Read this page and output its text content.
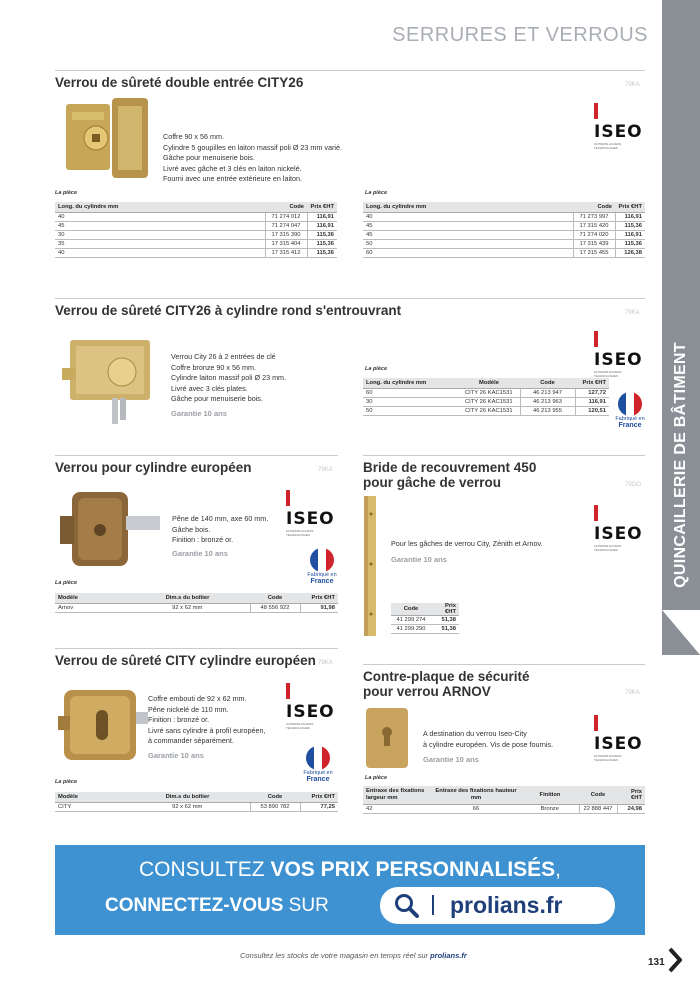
SERRURES ET VERROUS
QUINCAILLERIE DE BÂTIMENT
Verrou de sûreté double entrée CITY26	79KA
Coffre 90 x 56 mm.
Cylindre 5 goupilles en laiton massif poli Ø 23 mm varié.
Gâche pour menuiserie bois.
Livré avec gâche et 3 clés en laiton nickelé.
Fourni avec une entrée extérieure en laiton.
ISEO
ULTIMATE ACCESS TECHNOLOGIES
La pièce	La pièce
Long. du cylindre mm	Code	Prix €HT
40	71 274 012	116,91
45	71 274 047	116,91
30	17 315 390	115,36
35	17 315 404	115,36
40	17 315 412	115,36
Long. du cylindre mm	Code	Prix €HT
40	71 273 997	116,91
45	17 315 420	115,36
45	71 274 020	116,91
50	17 315 439	115,36
60	17 315 455	126,38
Verrou de sûreté CITY26 à cylindre rond s'entrouvrant	79KA
Verrou City 26 à 2 entrées de clé
Coffre bronze 90 x 56 mm.
Cylindre laiton massif poli Ø 23 mm.
Livré avec 3 clés plates.
Gâche pour menuiserie bois.
Garantie 10 ans
ISEO
ULTIMATE ACCESS TECHNOLOGIES
La pièce
Long. du cylindre mm	Modèle	Code	Prix €HT
60	CITY 26 KAC1531	46 213 947	127,72
30	CITY 26 KAC1531	46 213 963	116,91
50	CITY 26 KAC1531	46 213 955	120,51
Fabriqué en
France
Verrou pour cylindre européen	79KA
Pêne de 140 mm, axe 60 mm.
Gâche bois.
Finition : bronzé or.
Garantie 10 ans
ISEO
ULTIMATE ACCESS TECHNOLOGIES
Fabriqué en
France
La pièce
Modèle	Dim.s du boîtier	Code	Prix €HT
Arnov	92 x 62 mm	48 556 922	91,98
Bride de recouvrement 450 pour gâche de verrou	79OO
Pour les gâches de verrou City, Zénith et Arnov.
Garantie 10 ans
ISEO
ULTIMATE ACCESS TECHNOLOGIES
Code	Prix €HT
41 299 274	51,38
41 299 290	51,38
Verrou de sûreté CITY cylindre européen 79KA
Coffre embouti de 92 x 62 mm.
Pêne nickelé de 110 mm.
Finition : bronzé or.
Livré sans cylindre à profil européen,
à commander séparément.
Garantie 10 ans
ISEO
ULTIMATE ACCESS TECHNOLOGIES
Fabriqué en
France
La pièce
Modèle	Dim.s du boîtier	Code	Prix €HT
CITY	92 x 62 mm	53 890 782	77,25
Contre-plaque de sécurité pour verrou ARNOV	79KA
A destination du verrou Iseo-City
à cylindre européen. Vis de pose fournis.
Garantie 10 ans
ISEO
ULTIMATE ACCESS TECHNOLOGIES
La pièce
Entraxe des fixations largeur mm	Entraxe des fixations hauteur mm	Finition	Code	Prix €HT
42	66	Bronze	22 888 447	24,98
CONSULTEZ VOS PRIX PERSONNALISÉS,
CONNECTEZ-VOUS SUR	prolians.fr
Consultez les stocks de votre magasin en temps réel sur prolians.fr
131
